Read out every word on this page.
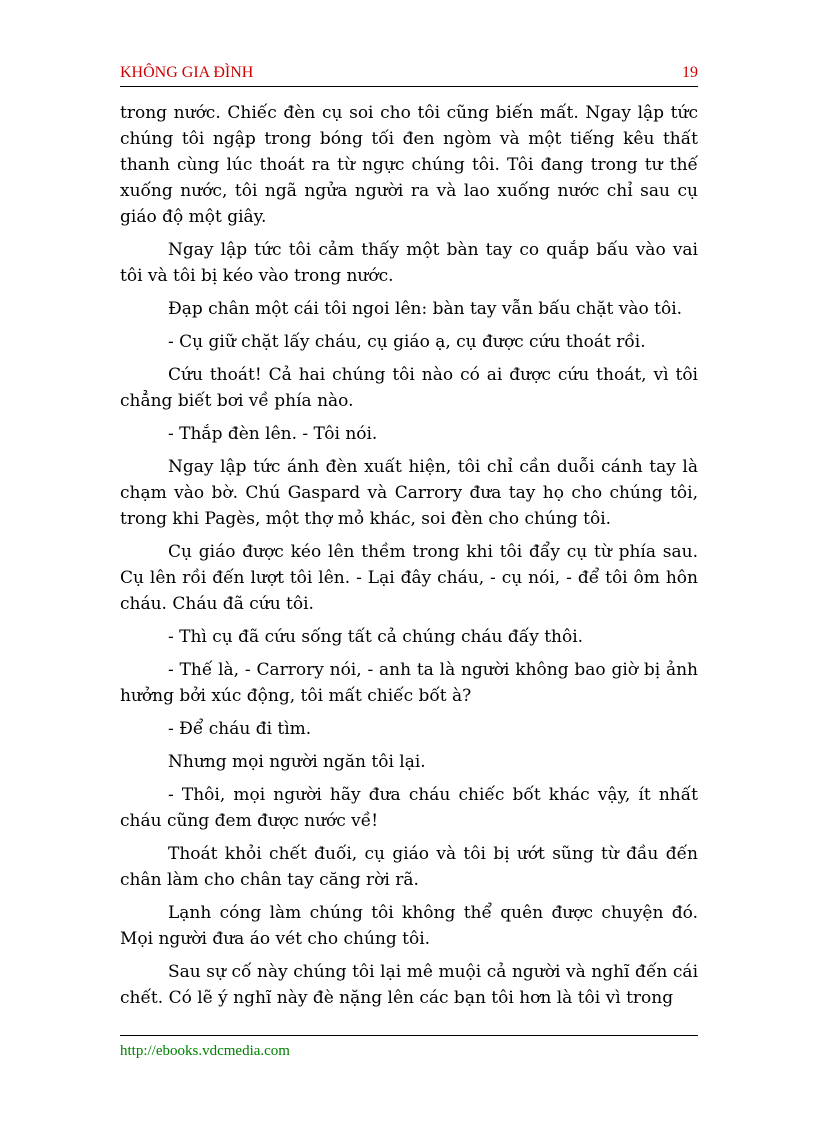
KHÔNG GIA ĐÌNH	19

trong nước. Chiếc đèn cụ soi cho tôi cũng biến mất. Ngay lập tức chúng tôi ngập trong bóng tối đen ngòm và một tiếng kêu thất thanh cùng lúc thoát ra từ ngực chúng tôi. Tôi đang trong tư thế xuống nước, tôi ngã ngửa người ra và lao xuống nước chỉ sau cụ giáo độ một giây.

Ngay lập tức tôi cảm thấy một bàn tay co quắp bấu vào vai tôi và tôi bị kéo vào trong nước.

Đạp chân một cái tôi ngoi lên: bàn tay vẫn bấu chặt vào tôi.

- Cụ giữ chặt lấy cháu, cụ giáo ạ, cụ được cứu thoát rồi.

Cứu thoát! Cả hai chúng tôi nào có ai được cứu thoát, vì tôi chẳng biết bơi về phía nào.

- Thắp đèn lên. - Tôi nói.

Ngay lập tức ánh đèn xuất hiện, tôi chỉ cần duỗi cánh tay là chạm vào bờ. Chú Gaspard và Carrory đưa tay họ cho chúng tôi, trong khi Pagès, một thợ mỏ khác, soi đèn cho chúng tôi.

Cụ giáo được kéo lên thềm trong khi tôi đẩy cụ từ phía sau. Cụ lên rồi đến lượt tôi lên. - Lại đây cháu, - cụ nói, - để tôi ôm hôn cháu. Cháu đã cứu tôi.

- Thì cụ đã cứu sống tất cả chúng cháu đấy thôi.

- Thế là, - Carrory nói, - anh ta là người không bao giờ bị ảnh hưởng bởi xúc động, tôi mất chiếc bốt à?

- Để cháu đi tìm.

Nhưng mọi người ngăn tôi lại.

- Thôi, mọi người hãy đưa cháu chiếc bốt khác vậy, ít nhất cháu cũng đem được nước về!

Thoát khỏi chết đuối, cụ giáo và tôi bị ướt sũng từ đầu đến chân làm cho chân tay căng rời rã.

Lạnh cóng làm chúng tôi không thể quên được chuyện đó. Mọi người đưa áo vét cho chúng tôi.

Sau sự cố này chúng tôi lại mê muội cả người và nghĩ đến cái chết. Có lẽ ý nghĩ này đè nặng lên các bạn tôi hơn là tôi vì trong

http://ebooks.vdcmedia.com
